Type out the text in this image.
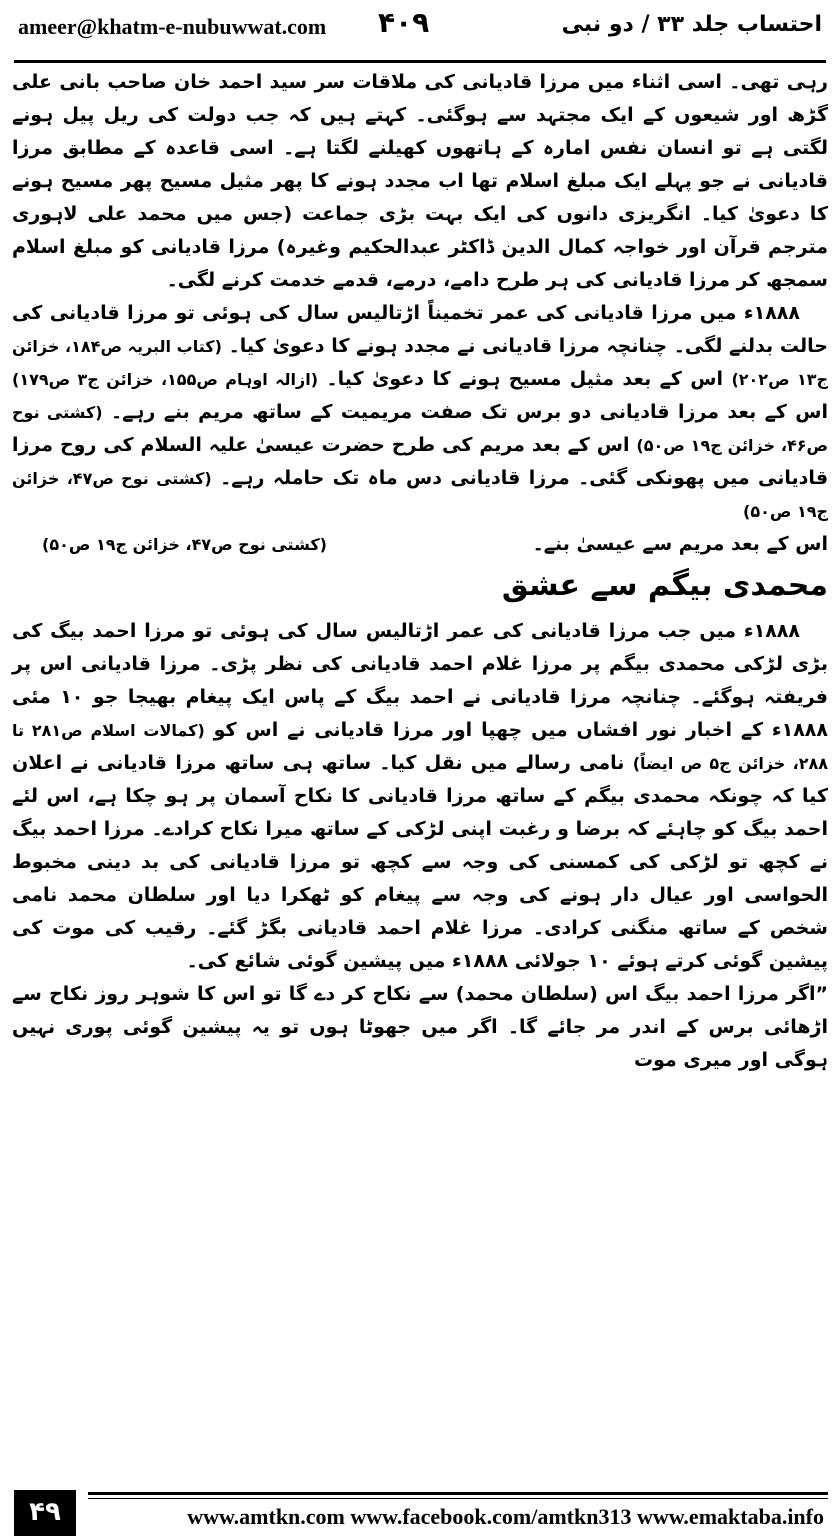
ameer@khatm-e-nubuwwat.com ۴۰۹	احتساب جلد ۳۳ / دو نبی

رہی تھی۔ اسی اثناء میں مرزا قادیانی کی ملاقات سر سید احمد خان صاحب بانی علی گڑھ اور شیعوں کے ایک مجتہد سے ہوگئی۔ کہتے ہیں کہ جب دولت کی ریل پیل ہونے لگتی ہے تو انسان نفس امارہ کے ہاتھوں کھیلنے لگتا ہے۔ اسی قاعدہ کے مطابق مرزا قادیانی نے جو پہلے ایک مبلغ اسلام تھا اب مجدد ہونے کا پھر مثیل مسیح پھر مسیح ہونے کا دعویٰ کیا۔ انگریزی دانوں کی ایک بہت بڑی جماعت (جس میں محمد علی لاہوری مترجم قرآن اور خواجہ کمال الدین ڈاکٹر عبدالحکیم وغیرہ) مرزا قادیانی کو مبلغ اسلام سمجھ کر مرزا قادیانی کی ہر طرح دامے، درمے، قدمے خدمت کرنے لگی۔

۱۸۸۸ء میں مرزا قادیانی کی عمر تخمیناً اڑتالیس سال کی ہوئی تو مرزا قادیانی کی حالت بدلنے لگی۔ چنانچہ مرزا قادیانی نے مجدد ہونے کا دعویٰ کیا۔ (کتاب البریہ ص۱۸۴، خزائن ج۱۳ ص۲۰۲) اس کے بعد مثیل مسیح ہونے کا دعویٰ کیا۔ (ازالہ اوہام ص۱۵۵، خزائن ج۳ ص۱۷۹) اس کے بعد مرزا قادیانی دو برس تک صفت مریمیت کے ساتھ مریم بنے رہے۔ (کشتی نوح ص۴۶، خزائن ج۱۹ ص۵۰) اس کے بعد مریم کی طرح حضرت عیسیٰ علیہ السلام کی روح مرزا قادیانی میں پھونکی گئی۔ مرزا قادیانی دس ماہ تک حاملہ رہے۔ (کشتی نوح ص۴۷، خزائن ج۱۹ ص۵۰)

اس کے بعد مریم سے عیسیٰ بنے۔
(کشتی نوح ص۴۷، خزائن ج۱۹ ص۵۰)
محمدی بیگم سے عشق

۱۸۸۸ء میں جب مرزا قادیانی کی عمر اڑتالیس سال کی ہوئی تو مرزا احمد بیگ کی بڑی لڑکی محمدی بیگم پر مرزا غلام احمد قادیانی کی نظر پڑی۔ مرزا قادیانی اس پر فریفتہ ہوگئے۔ چنانچہ مرزا قادیانی نے احمد بیگ کے پاس ایک پیغام بھیجا جو ۱۰ مئی ۱۸۸۸ء کے اخبار نور افشاں میں چھپا اور مرزا قادیانی نے اس کو (کمالات اسلام ص۲۸۱ تا ۲۸۸، خزائن ج۵ ص ایضاً) نامی رسالے میں نقل کیا۔ ساتھ ہی ساتھ مرزا قادیانی نے اعلان کیا کہ چونکہ محمدی بیگم کے ساتھ مرزا قادیانی کا نکاح آسمان پر ہو چکا ہے، اس لئے احمد بیگ کو چاہئے کہ برضا و رغبت اپنی لڑکی کے ساتھ میرا نکاح کرادے۔ مرزا احمد بیگ نے کچھ تو لڑکی کی کمسنی کی وجہ سے کچھ تو مرزا قادیانی کی بد دینی مخبوط الحواسی اور عیال دار ہونے کی وجہ سے پیغام کو ٹھکرا دیا اور سلطان محمد نامی شخص کے ساتھ منگنی کرادی۔ مرزا غلام احمد قادیانی بگڑ گئے۔ رقیب کی موت کی پیشین گوئی کرتے ہوئے ۱۰ جولائی ۱۸۸۸ء میں پیشین گوئی شائع کی۔

”اگر مرزا احمد بیگ اس (سلطان محمد) سے نکاح کر دے گا تو اس کا شوہر روز نکاح سے اڑھائی برس کے اندر مر جائے گا۔ اگر میں جھوٹا ہوں تو یہ پیشین گوئی پوری نہیں ہوگی اور میری موت

۴۹	www.amtkn.com www.facebook.com/amtkn313 www.emaktaba.info
